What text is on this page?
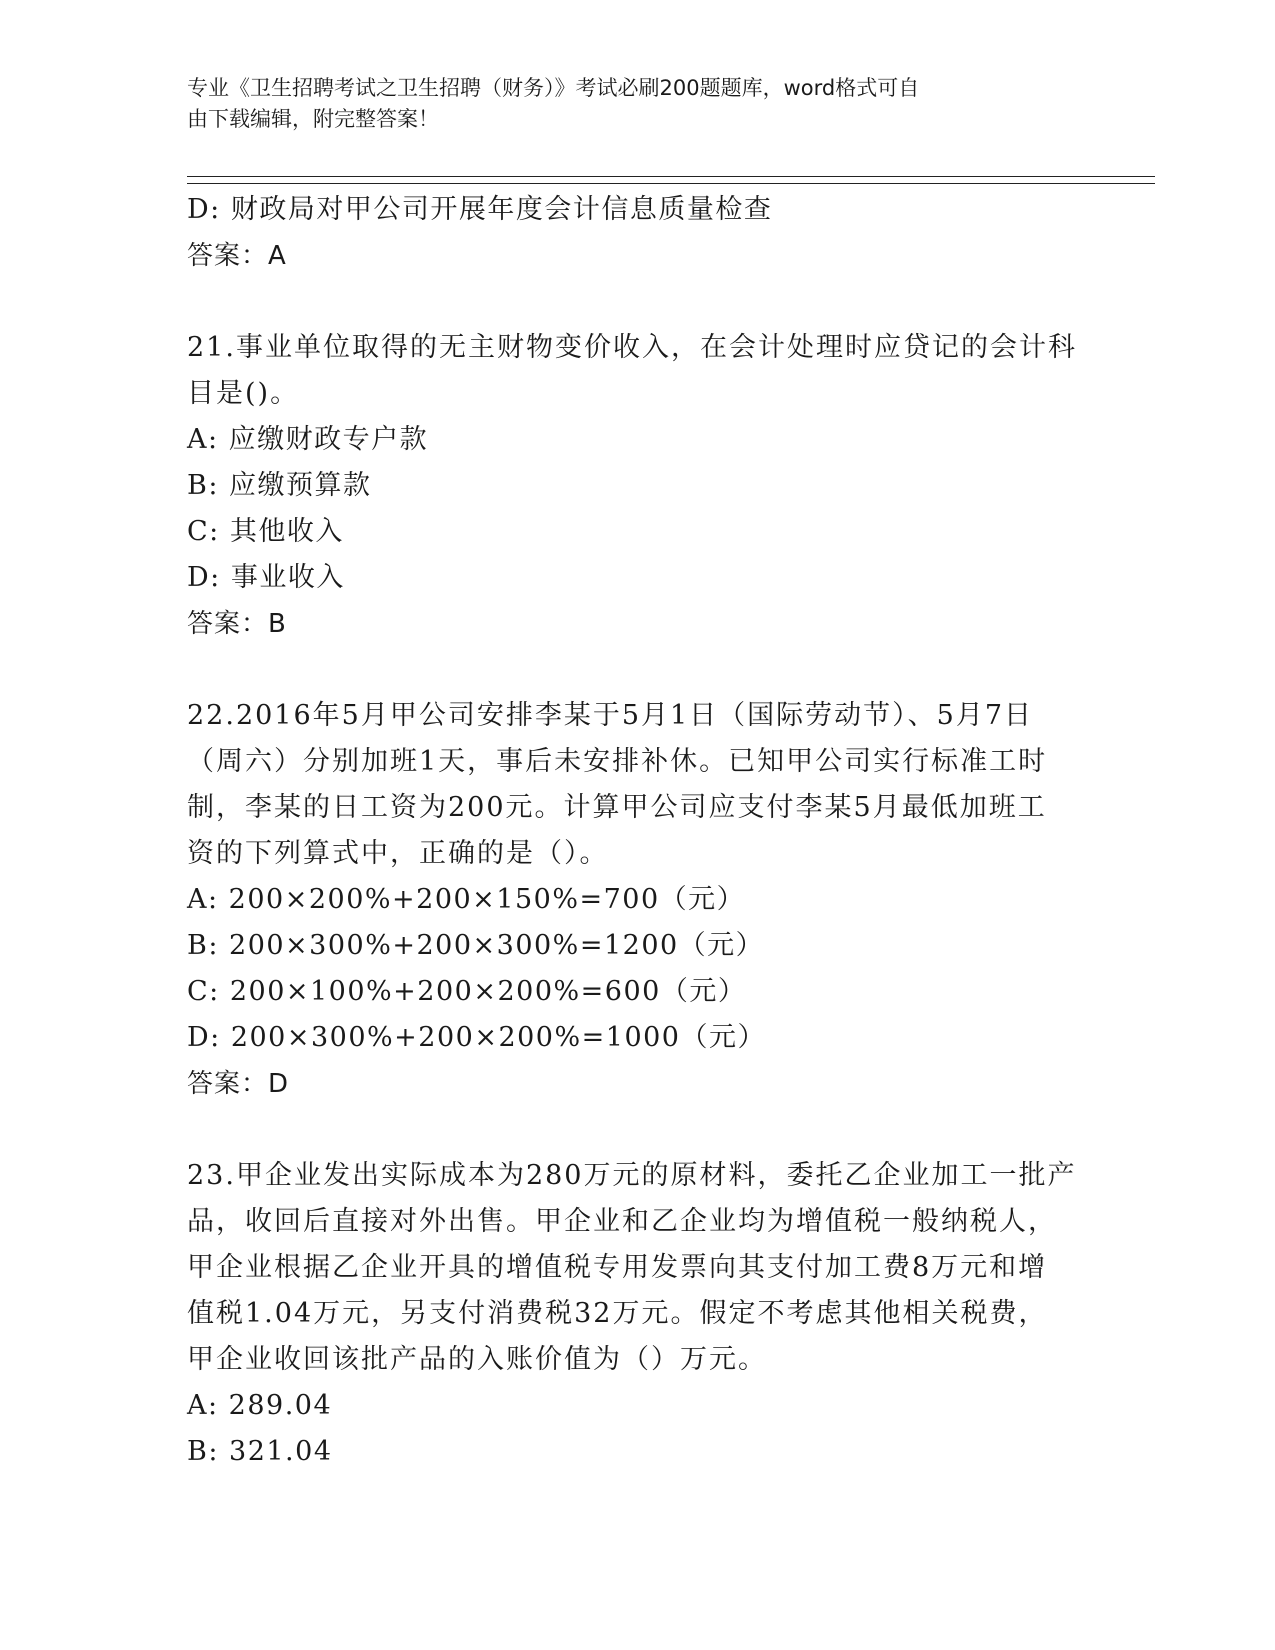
专业《卫生招聘考试之卫生招聘（财务）》考试必刷200题题库，word格式可自
由下载编辑，附完整答案！
D: 财政局对甲公司开展年度会计信息质量检查
答案：A
21.事业单位取得的无主财物变价收入，在会计处理时应贷记的会计科
目是()。
A: 应缴财政专户款
B: 应缴预算款
C: 其他收入
D: 事业收入
答案：B
22.2016年5月甲公司安排李某于5月1日（国际劳动节）、5月7日
（周六）分别加班1天，事后未安排补休。已知甲公司实行标准工时
制，李某的日工资为200元。计算甲公司应支付李某5月最低加班工
资的下列算式中，正确的是（）。
A: 200×200%+200×150%=700（元）
B: 200×300%+200×300%=1200（元）
C: 200×100%+200×200%=600（元）
D: 200×300%+200×200%=1000（元）
答案：D
23.甲企业发出实际成本为280万元的原材料，委托乙企业加工一批产
品，收回后直接对外出售。甲企业和乙企业均为增值税一般纳税人，
甲企业根据乙企业开具的增值税专用发票向其支付加工费8万元和增
值税1.04万元，另支付消费税32万元。假定不考虑其他相关税费，
甲企业收回该批产品的入账价值为（）万元。
A: 289.04
B: 321.04
